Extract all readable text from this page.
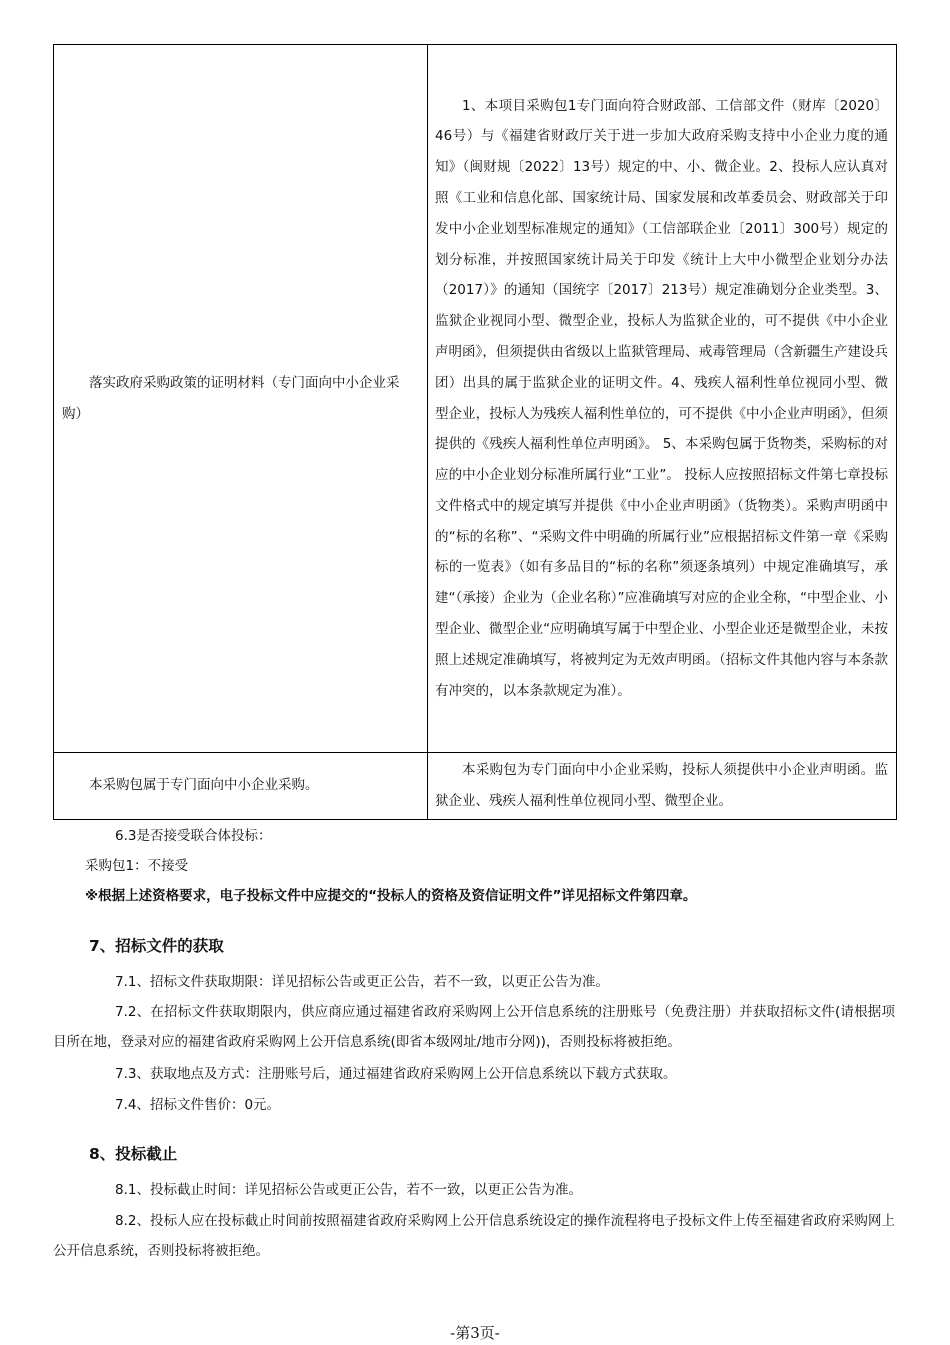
落实政府采购政策的证明材料（专门面向中小企业采购）	1、本项目采购包1专门面向符合财政部、工信部文件（财库〔2020〕46号）与《福建省财政厅关于进一步加大政府采购支持中小企业力度的通知》（闽财规〔2022〕13号）规定的中、小、微企业。2、投标人应认真对照《工业和信息化部、国家统计局、国家发展和改革委员会、财政部关于印发中小企业划型标准规定的通知》（工信部联企业〔2011〕300号）规定的划分标准，并按照国家统计局关于印发《统计上大中小微型企业划分办法（2017）》的通知（国统字〔2017〕213号）规定准确划分企业类型。3、监狱企业视同小型、微型企业，投标人为监狱企业的，可不提供《中小企业声明函》，但须提供由省级以上监狱管理局、戒毒管理局（含新疆生产建设兵团）出具的属于监狱企业的证明文件。4、残疾人福利性单位视同小型、微型企业，投标人为残疾人福利性单位的，可不提供《中小企业声明函》，但须提供的《残疾人福利性单位声明函》。 5、本采购包属于货物类，采购标的对应的中小企业划分标准所属行业“工业”。 投标人应按照招标文件第七章投标文件格式中的规定填写并提供《中小企业声明函》（货物类）。采购声明函中的“标的名称”、“采购文件中明确的所属行业”应根据招标文件第一章《采购标的一览表》（如有多品目的“标的名称”须逐条填列）中规定准确填写，承建“（承接）企业为（企业名称）”应准确填写对应的企业全称，“中型企业、小型企业、微型企业“应明确填写属于中型企业、小型企业还是微型企业，未按照上述规定准确填写，将被判定为无效声明函。（招标文件其他内容与本条款有冲突的，以本条款规定为准）。

本采购包属于专门面向中小企业采购。	本采购包为专门面向中小企业采购，投标人须提供中小企业声明函。监狱企业、残疾人福利性单位视同小型、微型企业。
6.3是否接受联合体投标：
采购包1：不接受
※根据上述资格要求，电子投标文件中应提交的“投标人的资格及资信证明文件”详见招标文件第四章。
7、招标文件的获取
7.1、招标文件获取期限：详见招标公告或更正公告，若不一致，以更正公告为准。
7.2、在招标文件获取期限内，供应商应通过福建省政府采购网上公开信息系统的注册账号（免费注册）并获取招标文件(请根据项目所在地，登录对应的福建省政府采购网上公开信息系统(即省本级网址/地市分网))，否则投标将被拒绝。
7.3、获取地点及方式：注册账号后，通过福建省政府采购网上公开信息系统以下载方式获取。
7.4、招标文件售价：0元。
8、投标截止
8.1、投标截止时间：详见招标公告或更正公告，若不一致，以更正公告为准。
8.2、投标人应在投标截止时间前按照福建省政府采购网上公开信息系统设定的操作流程将电子投标文件上传至福建省政府采购网上公开信息系统，否则投标将被拒绝。
-第3页-
